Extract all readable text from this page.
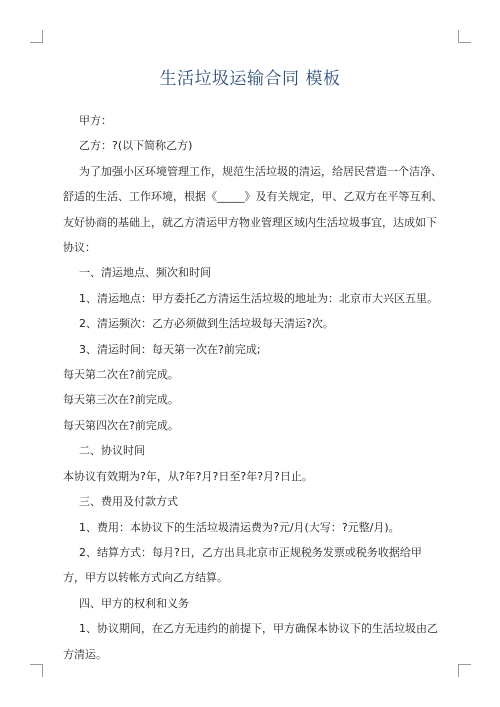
生活垃圾运输合同 模板

甲方：

乙方：?(以下简称乙方)

为了加强小区环境管理工作，规范生活垃圾的清运，给居民营造一个洁净、舒适的生活、工作环境，根据《_____》及有关规定，甲、乙双方在平等互利、友好协商的基础上，就乙方清运甲方物业管理区域内生活垃圾事宜，达成如下协议：

一、清运地点、频次和时间

1、清运地点：甲方委托乙方清运生活垃圾的地址为：北京市大兴区五里。

2、清运频次：乙方必须做到生活垃圾每天清运?次。

3、清运时间：每天第一次在?前完成;

每天第二次在?前完成。

每天第三次在?前完成。

每天第四次在?前完成。

二、协议时间

本协议有效期为?年，从?年?月?日至?年?月?日止。

三、费用及付款方式

1、费用：本协议下的生活垃圾清运费为?元/月(大写：?元整/月)。

2、结算方式：每月?日，乙方出具北京市正规税务发票或税务收据给甲方，甲方以转帐方式向乙方结算。

四、甲方的权利和义务

1、协议期间，在乙方无违约的前提下，甲方确保本协议下的生活垃圾由乙方清运。
